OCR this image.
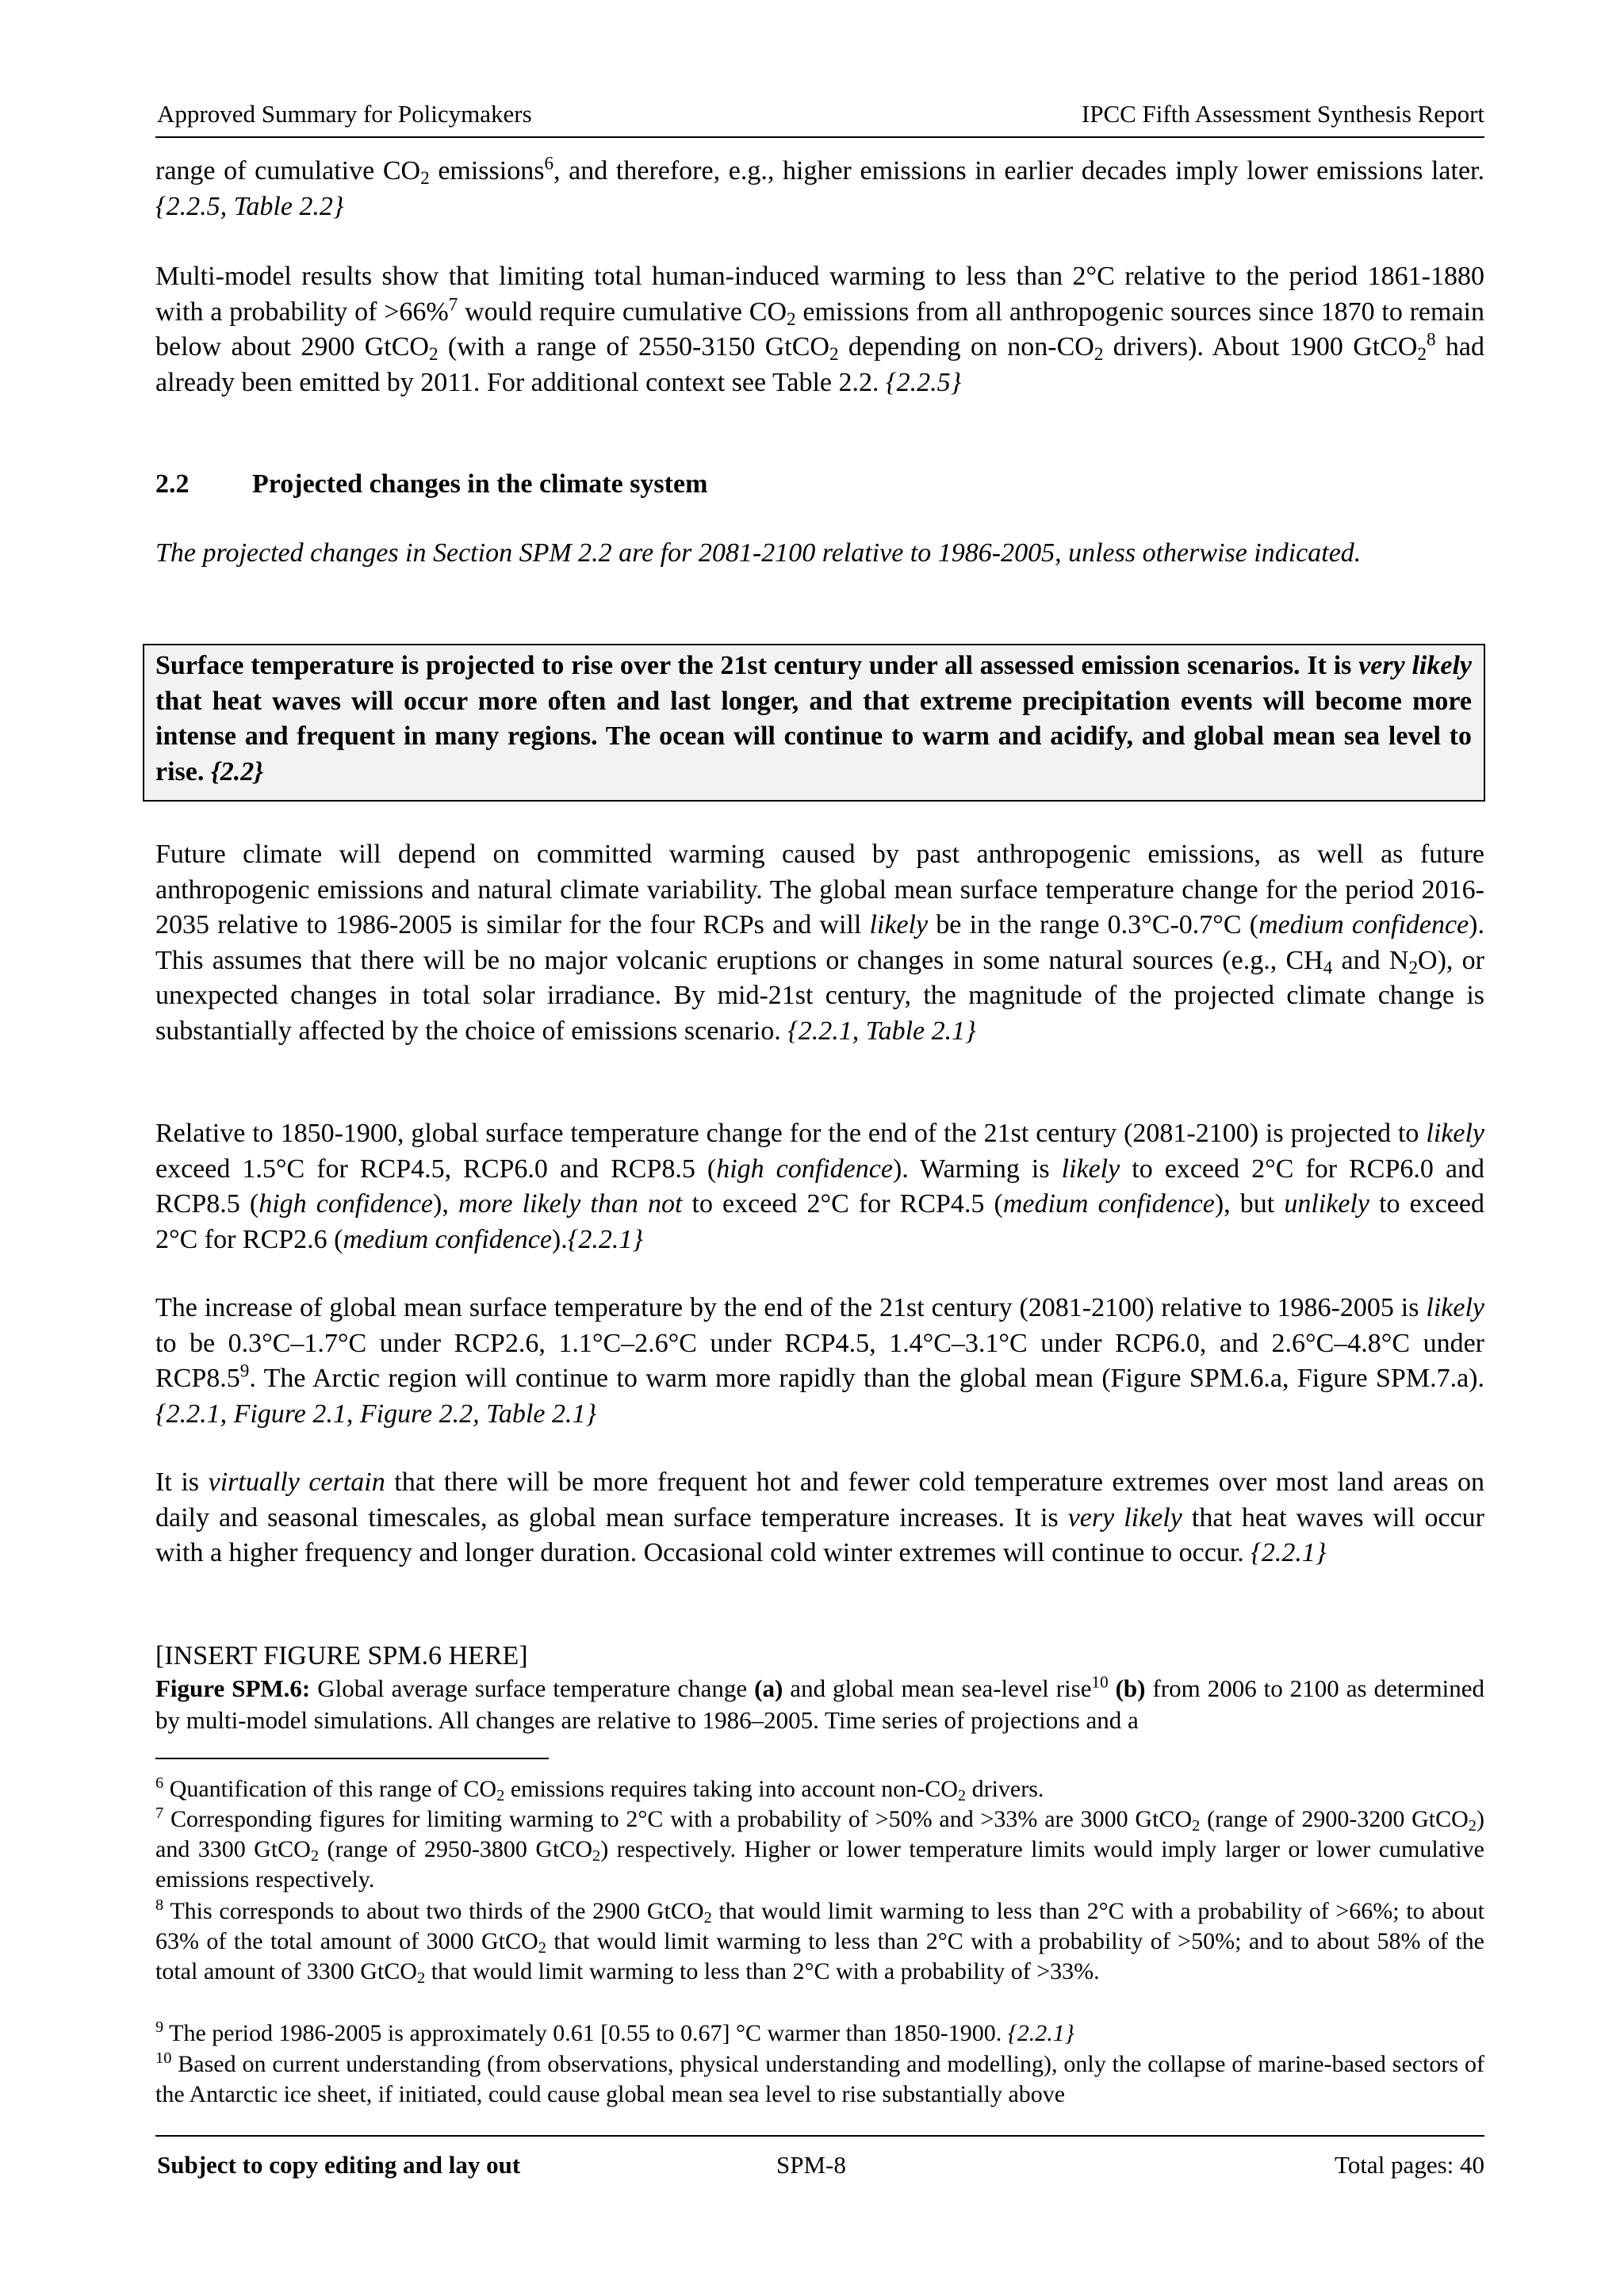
Approved Summary for Policymakers	IPCC Fifth Assessment Synthesis Report

range of cumulative $CO_2$ emissions$^6$, and therefore, e.g., higher emissions in earlier decades imply lower emissions later. {2.2.5, Table 2.2}

Multi-model results show that limiting total human-induced warming to less than 2°C relative to the period 1861-1880 with a probability of >66%$^7$ would require cumulative $CO_2$ emissions from all anthropogenic sources since 1870 to remain below about 2900 GtCO$_2$ (with a range of 2550-3150 GtCO$_2$ depending on non-$CO_2$ drivers). About 1900 GtCO$_2^8$ had already been emitted by 2011. For additional context see Table 2.2. {2.2.5}

2.2 Projected changes in the climate system

The projected changes in Section SPM 2.2 are for 2081-2100 relative to 1986-2005, unless otherwise indicated.

Surface temperature is projected to rise over the 21st century under all assessed emission scenarios. It is very likely that heat waves will occur more often and last longer, and that extreme precipitation events will become more intense and frequent in many regions. The ocean will continue to warm and acidify, and global mean sea level to rise. {2.2}

Future climate will depend on committed warming caused by past anthropogenic emissions, as well as future anthropogenic emissions and natural climate variability. The global mean surface temperature change for the period 2016-2035 relative to 1986-2005 is similar for the four RCPs and will likely be in the range 0.3°C-0.7°C (medium confidence). This assumes that there will be no major volcanic eruptions or changes in some natural sources (e.g., $CH_4$ and $N_2O$), or unexpected changes in total solar irradiance. By mid-21st century, the magnitude of the projected climate change is substantially affected by the choice of emissions scenario. {2.2.1, Table 2.1}

Relative to 1850-1900, global surface temperature change for the end of the 21st century (2081-2100) is projected to likely exceed 1.5°C for RCP4.5, RCP6.0 and RCP8.5 (high confidence). Warming is likely to exceed 2°C for RCP6.0 and RCP8.5 (high confidence), more likely than not to exceed 2°C for RCP4.5 (medium confidence), but unlikely to exceed 2°C for RCP2.6 (medium confidence).{2.2.1}

The increase of global mean surface temperature by the end of the 21st century (2081-2100) relative to 1986-2005 is likely to be 0.3°C–1.7°C under RCP2.6, 1.1°C–2.6°C under RCP4.5, 1.4°C–3.1°C under RCP6.0, and 2.6°C–4.8°C under $RCP8.5^9$. The Arctic region will continue to warm more rapidly than the global mean (Figure SPM.6.a, Figure SPM.7.a). {2.2.1, Figure 2.1, Figure 2.2, Table 2.1}

It is virtually certain that there will be more frequent hot and fewer cold temperature extremes over most land areas on daily and seasonal timescales, as global mean surface temperature increases. It is very likely that heat waves will occur with a higher frequency and longer duration. Occasional cold winter extremes will continue to occur. {2.2.1}

[INSERT FIGURE SPM.6 HERE]

Figure SPM.6: Global average surface temperature change (a) and global mean sea-level rise$^{10}$ (b) from 2006 to 2100 as determined by multi-model simulations. All changes are relative to 1986–2005. Time series of projections and a

$^6$ Quantification of this range of $CO_2$ emissions requires taking into account non-$CO_2$ drivers.

$^7$ Corresponding figures for limiting warming to 2°C with a probability of >50% and >33% are 3000 GtCO$_2$ (range of 2900-3200 GtCO$_2$) and 3300 GtCO$_2$ (range of 2950-3800 GtCO$_2$) respectively. Higher or lower temperature limits would imply larger or lower cumulative emissions respectively.

$^8$ This corresponds to about two thirds of the 2900 GtCO$_2$ that would limit warming to less than 2°C with a probability of >66%; to about 63% of the total amount of 3000 GtCO$_2$ that would limit warming to less than 2°C with a probability of >50%; and to about 58% of the total amount of 3300 GtCO$_2$ that would limit warming to less than 2°C with a probability of >33%.

$^9$ The period 1986-2005 is approximately 0.61 [0.55 to 0.67] °C warmer than 1850-1900. {2.2.1}

$^{10}$ Based on current understanding (from observations, physical understanding and modelling), only the collapse of marine-based sectors of the Antarctic ice sheet, if initiated, could cause global mean sea level to rise substantially above

Subject to copy editing and lay out	SPM-8	Total pages: 40
